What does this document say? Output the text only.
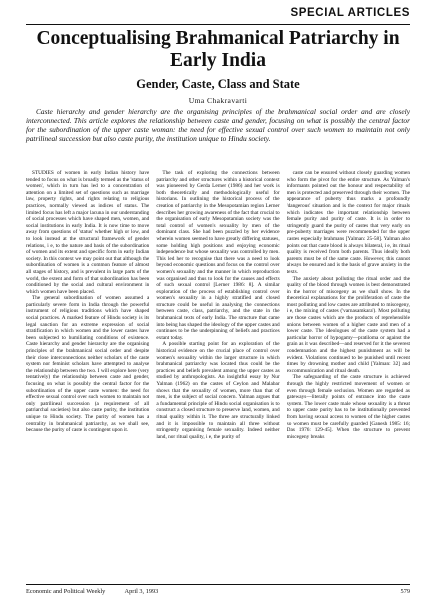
SPECIAL ARTICLES
Conceptualising Brahmanical Patriarchy in Early India
Gender, Caste, Class and State
Uma Chakravarti
Caste hierarchy and gender hierarchy are the organising principles of the brahmanical social order and are closely interconnected. This article explores the relationship between caste and gender, focusing on what is possibly the central factor for the subordination of the upper caste woman: the need for effective sexual control over such women to maintain not only patrilineal succession but also caste purity, the institution unique to Hindu society.

STUDIES of women in early Indian history have tended to focus on what is broadly termed as the 'status of women', which in turn has led to a concentration of attention on a limited set of questions such as marriage law, property rights, and rights relating to religious practices, normally viewed as indices of status. The limited focus has left a major lacuna in our understanding of social processes which have shaped men, women, and social institutions in early India. It is now time to move away from questions of 'status' whether high or low, and to look instead at the structural framework of gender relations, i e, to the nature and basis of the subordination of women and its extent and specific form in early Indian society. In this context we may point out that although the subordination of women is a common feature of almost all stages of history, and is prevalent in large parts of the world, the extent and form of that subordination has been conditioned by the social and cultural environment in which women have been placed.

The general subordination of women assumed a particularly severe form in India through the powerful instrument of religious traditions which have shaped social practices. A marked feature of Hindu society is its legal sanction for an extreme expression of social stratification in which women and the lower castes have been subjected to humiliating conditions of existence. Caste hierarchy and gender hierarchy are the organising principles of the brahmanical social order and despite their close interconnections neither scholars of the caste system nor feminist scholars have attempted to analyse the relationship between the two. I will explore here (very tentatively) the relationship between caste and gender, focusing on what is possibly the central factor for the subordination of the upper caste women: the need for effective sexual control over such women to maintain not only patrilineal succession (a requirement of all patriarchal societies) but also caste purity, the institution unique to Hindu society. The purity of women has a centrality in brahmanical patriarchy, as we shall see, because the purity of caste is contingent upon it.

The task of exploring the connections between patriarchy and other structures within a historical context was pioneered by Gerda Lerner (1986) and her work is both theoretically and methodologically useful for historians. In outlining the historical process of the creation of patriarchy in the Mesopotamian region Lerner describes her growing awareness of the fact that crucial to the organisation of early Mesopotamian society was the total control of women's sexuality by men of the dominant class. She had been puzzled by her evidence wherein women seemed to have greatly differing statuses, some holding high positions and enjoying economic independence but whose sexuality was controlled by men. This led her to recognise that there was a need to look beyond economic questions and focus on the control over women's sexuality and the manner in which reproduction was organised and thus to look for the causes and effects of such sexual control [Lerner 1986: 8]. A similar exploration of the process of establishing control over women's sexuality in a highly stratified and closed structure could be useful in analysing the connections between caste, class, patriarchy, and the state in the brahmanical texts of early India. The structure that came into being has shaped the ideology of the upper castes and continues to be the underpinning of beliefs and practices extant today.

A possible starting point for an exploration of the historical evidence on the crucial place of control over women's sexuality within the larger structure in which brahmanical patriarchy was located thus could be the practices and beliefs prevalent among the upper castes as studied by anthropologists. An insightful essay by Nur Yalman (1962) on the castes of Ceylon and Malabar shows that the sexuality of women, more than that of men, is the subject of social concern. Yalman argues that a fundamental principle of Hindu social organisation is to construct a closed structure to preserve land, women, and ritual quality within it. The three are structurally linked and it is impossible to maintain all three without stringently organising female sexuality. Indeed neither land, nor ritual quality, i e, the purity of

caste can be ensured without closely guarding women who form the pivot for the entire structure. As Yalman's informants pointed out the honour and respectability of men is protected and preserved through their women. The appearance of puberty thus marks a profoundly 'dangerous' situation and is the context for major rituals which indicates the important relationship between female purity and purity of caste. It is in order to stringently guard the purity of castes that very early on pre-puberty marriages were recommended for the upper castes especially brahmans [Yalman: 25-58]. Yalman also points out that caste blood is always bilateral, i e, its ritual quality is received from both parents. Thus ideally both parents must be of the same caste. However, this cannot always be ensured and is the basis of grave anxiety in the texts.

The anxiety about polluting the ritual order and the quality of the blood through women is best demonstrated in the horror of miscegeny as we shall show. In the theoretical explanations for the proliferation of caste the most polluting and low castes are attributed to miscegeny, i e, the mixing of castes ('varnasamkara'). Most polluting are those castes which are the products of reprehensible unions between women of a higher caste and men of a lower caste. The ideologues of the caste system had a particular horror of hypogamy—pratiloma or against the grain as it was described—and reserved for it the severest condemnation and the highest punishment as will be evident. Violations continued to be punished until recent times by drowning mother and child [Yalman: 32] and excommunication and ritual death.

The safeguarding of the caste structure is achieved through the highly restricted movement of women or even through female seclusion. Women are regarded as gateways—literally points of entrance into the caste system. The lower caste male whose sexuality is a threat to upper caste purity has to be institutionally prevented from having sexual access to women of the higher castes so women must be carefully guarded [Ganesh 1985: 16; Das 1976: 129-45]. When the structure to prevent miscegeny breaks

Economic and Political Weekly	April 3, 1993	579
